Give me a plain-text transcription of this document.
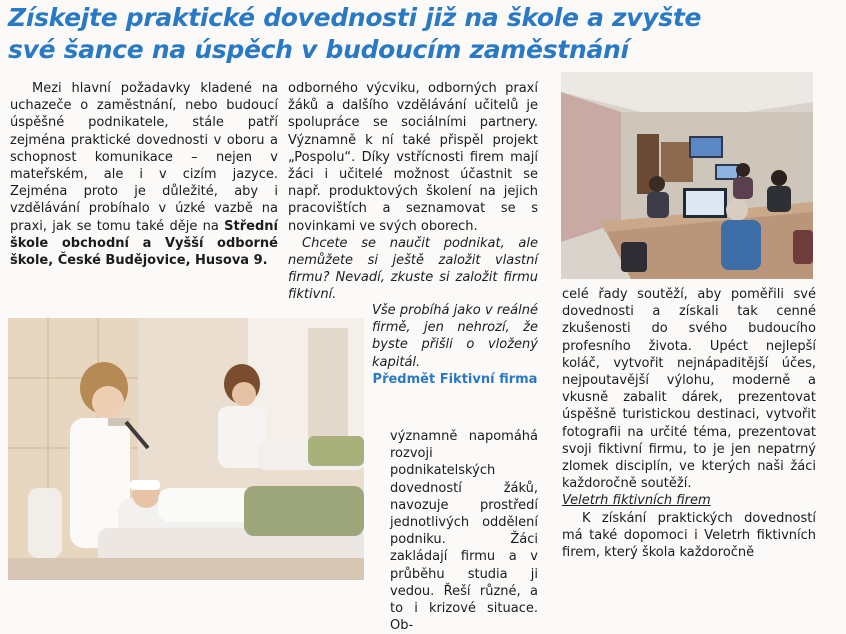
Získejte praktické dovednosti již na škole a zvyšte
své šance na úspěch v budoucím zaměstnání

Mezi hlavní požadavky kladené na uchazeče o zaměstnání, nebo budoucí úspěšné podnikatele, stále patří zejména praktické dovednosti v oboru a schopnost komunikace – nejen v mateřském, ale i v cizím jazyce. Zejména proto je důležité, aby i vzdělávání probíhalo v úzké vazbě na praxi, jak se tomu také děje na Střední škole obchodní a Vyšší odborné škole, České Budějovice, Husova 9.

odborného výcviku, odborných praxí žáků a dalšího vzdělávání učitelů je spolupráce se sociálními partnery. Významně k ní také přispěl projekt „Pospolu“. Díky vstřícnosti firem mají žáci i učitelé možnost účastnit se např. produktových školení na jejich pracovištích a seznamovat se s novinkami ve svých oborech.

Chcete se naučit podnikat, ale nemůžete si ještě založit vlastní firmu? Nevadí, zkuste si založit firmu fiktivní.

Vše probíhá jako v reálné firmě, jen nehrozí, že byste přišli o vložený kapitál.

Předmět Fiktivní firma

významně napomáhá rozvoji podnikatelských dovedností žáků, navozuje prostředí jednotlivých oddělení podniku. Žáci zakládají firmu a v průběhu studia ji vedou. Řeší různé, a to i krizové situace. Ob-

celé řady soutěží, aby poměřili své dovednosti a získali tak cenné zkušenosti do svého budoucího profesního života. Upéct nejlepší koláč, vytvořit nejnápaditější účes, nejpoutavější výlohu, moderně a vkusně zabalit dárek, prezentovat úspěšně turistickou destinaci, vytvořit fotografii na určité téma, prezentovat svoji fiktivní firmu, to je jen nepatrný zlomek disciplín, ve kterých naši žáci každoročně soutěží.

Veletrh fiktivních firem

K získání praktických dovedností má také dopomoci i Veletrh fiktivních firem, který škola každoročně
